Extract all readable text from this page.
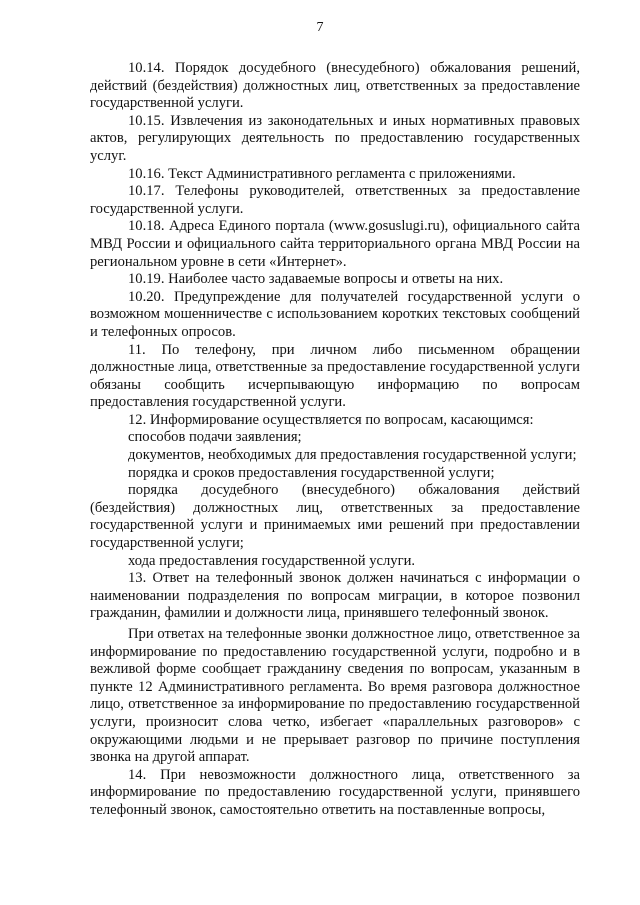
7

10.14. Порядок досудебного (внесудебного) обжалования решений, действий (бездействия) должностных лиц, ответственных за предоставление государственной услуги.

10.15. Извлечения из законодательных и иных нормативных правовых актов, регулирующих деятельность по предоставлению государственных услуг.

10.16. Текст Административного регламента с приложениями.

10.17. Телефоны руководителей, ответственных за предоставление государственной услуги.

10.18. Адреса Единого портала (www.gosuslugi.ru), официального сайта МВД России и официального сайта территориального органа МВД России на региональном уровне в сети «Интернет».

10.19. Наиболее часто задаваемые вопросы и ответы на них.

10.20. Предупреждение для получателей государственной услуги о возможном мошенничестве с использованием коротких текстовых сообщений и телефонных опросов.

11. По телефону, при личном либо письменном обращении должностные лица, ответственные за предоставление государственной услуги обязаны сообщить исчерпывающую информацию по вопросам предоставления государственной услуги.

12. Информирование осуществляется по вопросам, касающимся:

способов подачи заявления;

документов, необходимых для предоставления государственной услуги;

порядка и сроков предоставления государственной услуги;

порядка досудебного (внесудебного) обжалования действий (бездействия) должностных лиц, ответственных за предоставление государственной услуги и принимаемых ими решений при предоставлении государственной услуги;

хода предоставления государственной услуги.

13. Ответ на телефонный звонок должен начинаться с информации о наименовании подразделения по вопросам миграции, в которое позвонил гражданин, фамилии и должности лица, принявшего телефонный звонок.

При ответах на телефонные звонки должностное лицо, ответственное за информирование по предоставлению государственной услуги, подробно и в вежливой форме сообщает гражданину сведения по вопросам, указанным в пункте 12 Административного регламента. Во время разговора должностное лицо, ответственное за информирование по предоставлению государственной услуги, произносит слова четко, избегает «параллельных разговоров» с окружающими людьми и не прерывает разговор по причине поступления звонка на другой аппарат.

14. При невозможности должностного лица, ответственного за информирование по предоставлению государственной услуги, принявшего телефонный звонок, самостоятельно ответить на поставленные вопросы,
